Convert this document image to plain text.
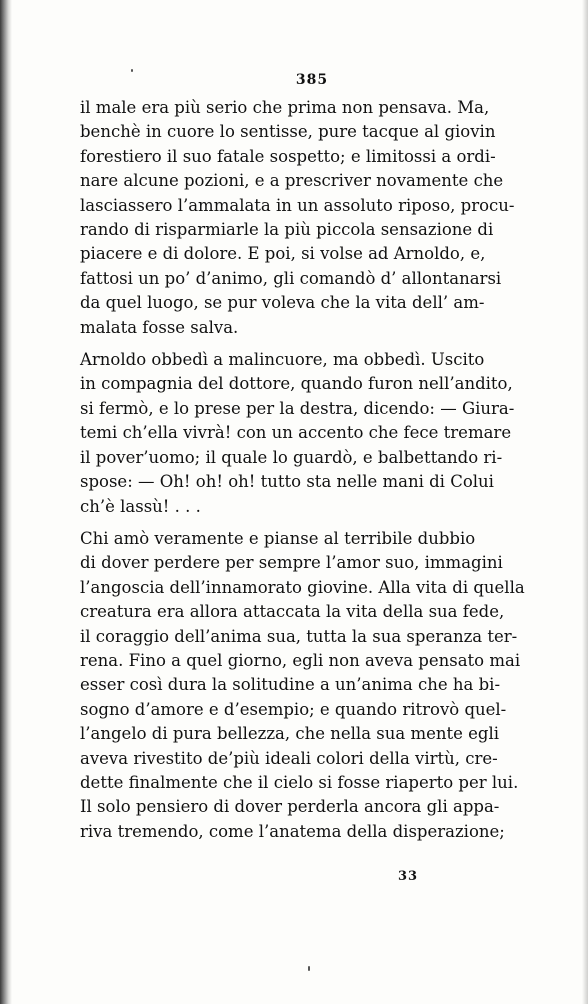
385

il male era più serio che prima non pensava. Ma,
benchè in cuore lo sentisse, pure tacque al giovin
forestiero il suo fatale sospetto; e limitossi a ordi-
nare alcune pozioni, e a prescriver novamente che
lasciassero l’ammalata in un assoluto riposo, procu-
rando di risparmiarle la più piccola sensazione di
piacere e di dolore. E poi, si volse ad Arnoldo, e,
fattosi un po’ d’animo, gli comandò d’ allontanarsi
da quel luogo, se pur voleva che la vita dell’ am-
malata fosse salva.

Arnoldo obbedì a malincuore, ma obbedì. Uscito
in compagnia del dottore, quando furon nell’andito,
si fermò, e lo prese per la destra, dicendo: — Giura-
temi ch’ella vivrà! con un accento che fece tremare
il pover’uomo; il quale lo guardò, e balbettando ri-
spose: — Oh! oh! oh! tutto sta nelle mani di Colui
ch’è lassù! . . .

Chi amò veramente e pianse al terribile dubbio
di dover perdere per sempre l’amor suo, immagini
l’angoscia dell’innamorato giovine. Alla vita di quella
creatura era allora attaccata la vita della sua fede,
il coraggio dell’anima sua, tutta la sua speranza ter-
rena. Fino a quel giorno, egli non aveva pensato mai
esser così dura la solitudine a un’anima che ha bi-
sogno d’amore e d’esempio; e quando ritrovò quel-
l’angelo di pura bellezza, che nella sua mente egli
aveva rivestito de’più ideali colori della virtù, cre-
dette finalmente che il cielo si fosse riaperto per lui.
Il solo pensiero di dover perderla ancora gli appa-
riva tremendo, come l’anatema della disperazione;

33
